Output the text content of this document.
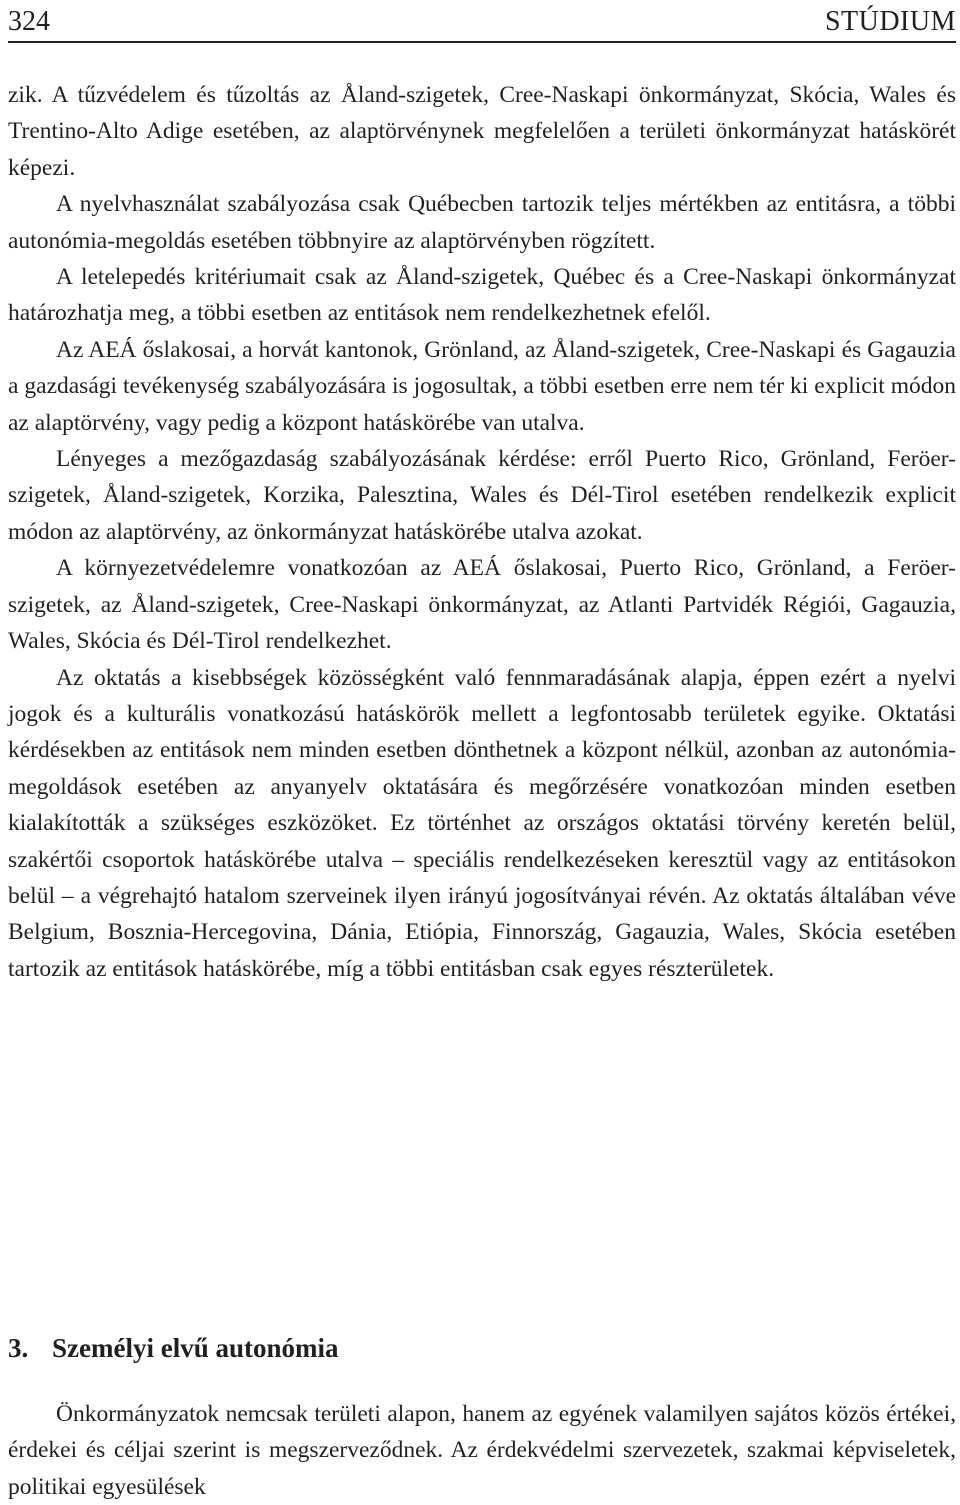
324	STÚDIUM

zik. A tűzvédelem és tűzoltás az Åland-szigetek, Cree-Naskapi önkormányzat, Skócia, Wales és Trentino-Alto Adige esetében, az alaptörvénynek megfelelően a területi önkormányzat hatáskörét képezi.

A nyelvhasználat szabályozása csak Québecben tartozik teljes mértékben az entitásra, a többi autonómia-megoldás esetében többnyire az alaptörvényben rögzített.

A letelepedés kritériumait csak az Åland-szigetek, Québec és a Cree-Naskapi önkormányzat határozhatja meg, a többi esetben az entitások nem rendelkezhetnek efelől.

Az AEÁ őslakosai, a horvát kantonok, Grönland, az Åland-szigetek, Cree-Naskapi és Gagauzia a gazdasági tevékenység szabályozására is jogosultak, a többi esetben erre nem tér ki explicit módon az alaptörvény, vagy pedig a központ hatáskörébe van utalva.

Lényeges a mezőgazdaság szabályozásának kérdése: erről Puerto Rico, Grönland, Feröer-szigetek, Åland-szigetek, Korzika, Palesztina, Wales és Dél-Tirol esetében rendelkezik explicit módon az alaptörvény, az önkormányzat hatáskörébe utalva azokat.

A környezetvédelemre vonatkozóan az AEÁ őslakosai, Puerto Rico, Grönland, a Feröer-szigetek, az Åland-szigetek, Cree-Naskapi önkormányzat, az Atlanti Partvidék Régiói, Gagauzia, Wales, Skócia és Dél-Tirol rendelkezhet.

Az oktatás a kisebbségek közösségként való fennmaradásának alapja, éppen ezért a nyelvi jogok és a kulturális vonatkozású hatáskörök mellett a legfontosabb területek egyike. Oktatási kérdésekben az entitások nem minden esetben dönthetnek a központ nélkül, azonban az autonómia-megoldások esetében az anyanyelv oktatására és megőrzésére vonatkozóan minden esetben kialakították a szükséges eszközöket. Ez történhet az országos oktatási törvény keretén belül, szakértői csoportok hatáskörébe utalva – speciális rendelkezéseken keresztül vagy az entitásokon belül – a végrehajtó hatalom szerveinek ilyen irányú jogosítványai révén. Az oktatás általában véve Belgium, Bosznia-Hercegovina, Dánia, Etiópia, Finnország, Gagauzia, Wales, Skócia esetében tartozik az entitások hatáskörébe, míg a többi entitásban csak egyes részterületek.

3. Személyi elvű autonómia

Önkormányzatok nemcsak területi alapon, hanem az egyének valamilyen sajátos közös értékei, érdekei és céljai szerint is megszerveződnek. Az érdekvédelmi szervezetek, szakmai képviseletek, politikai egyesülések
